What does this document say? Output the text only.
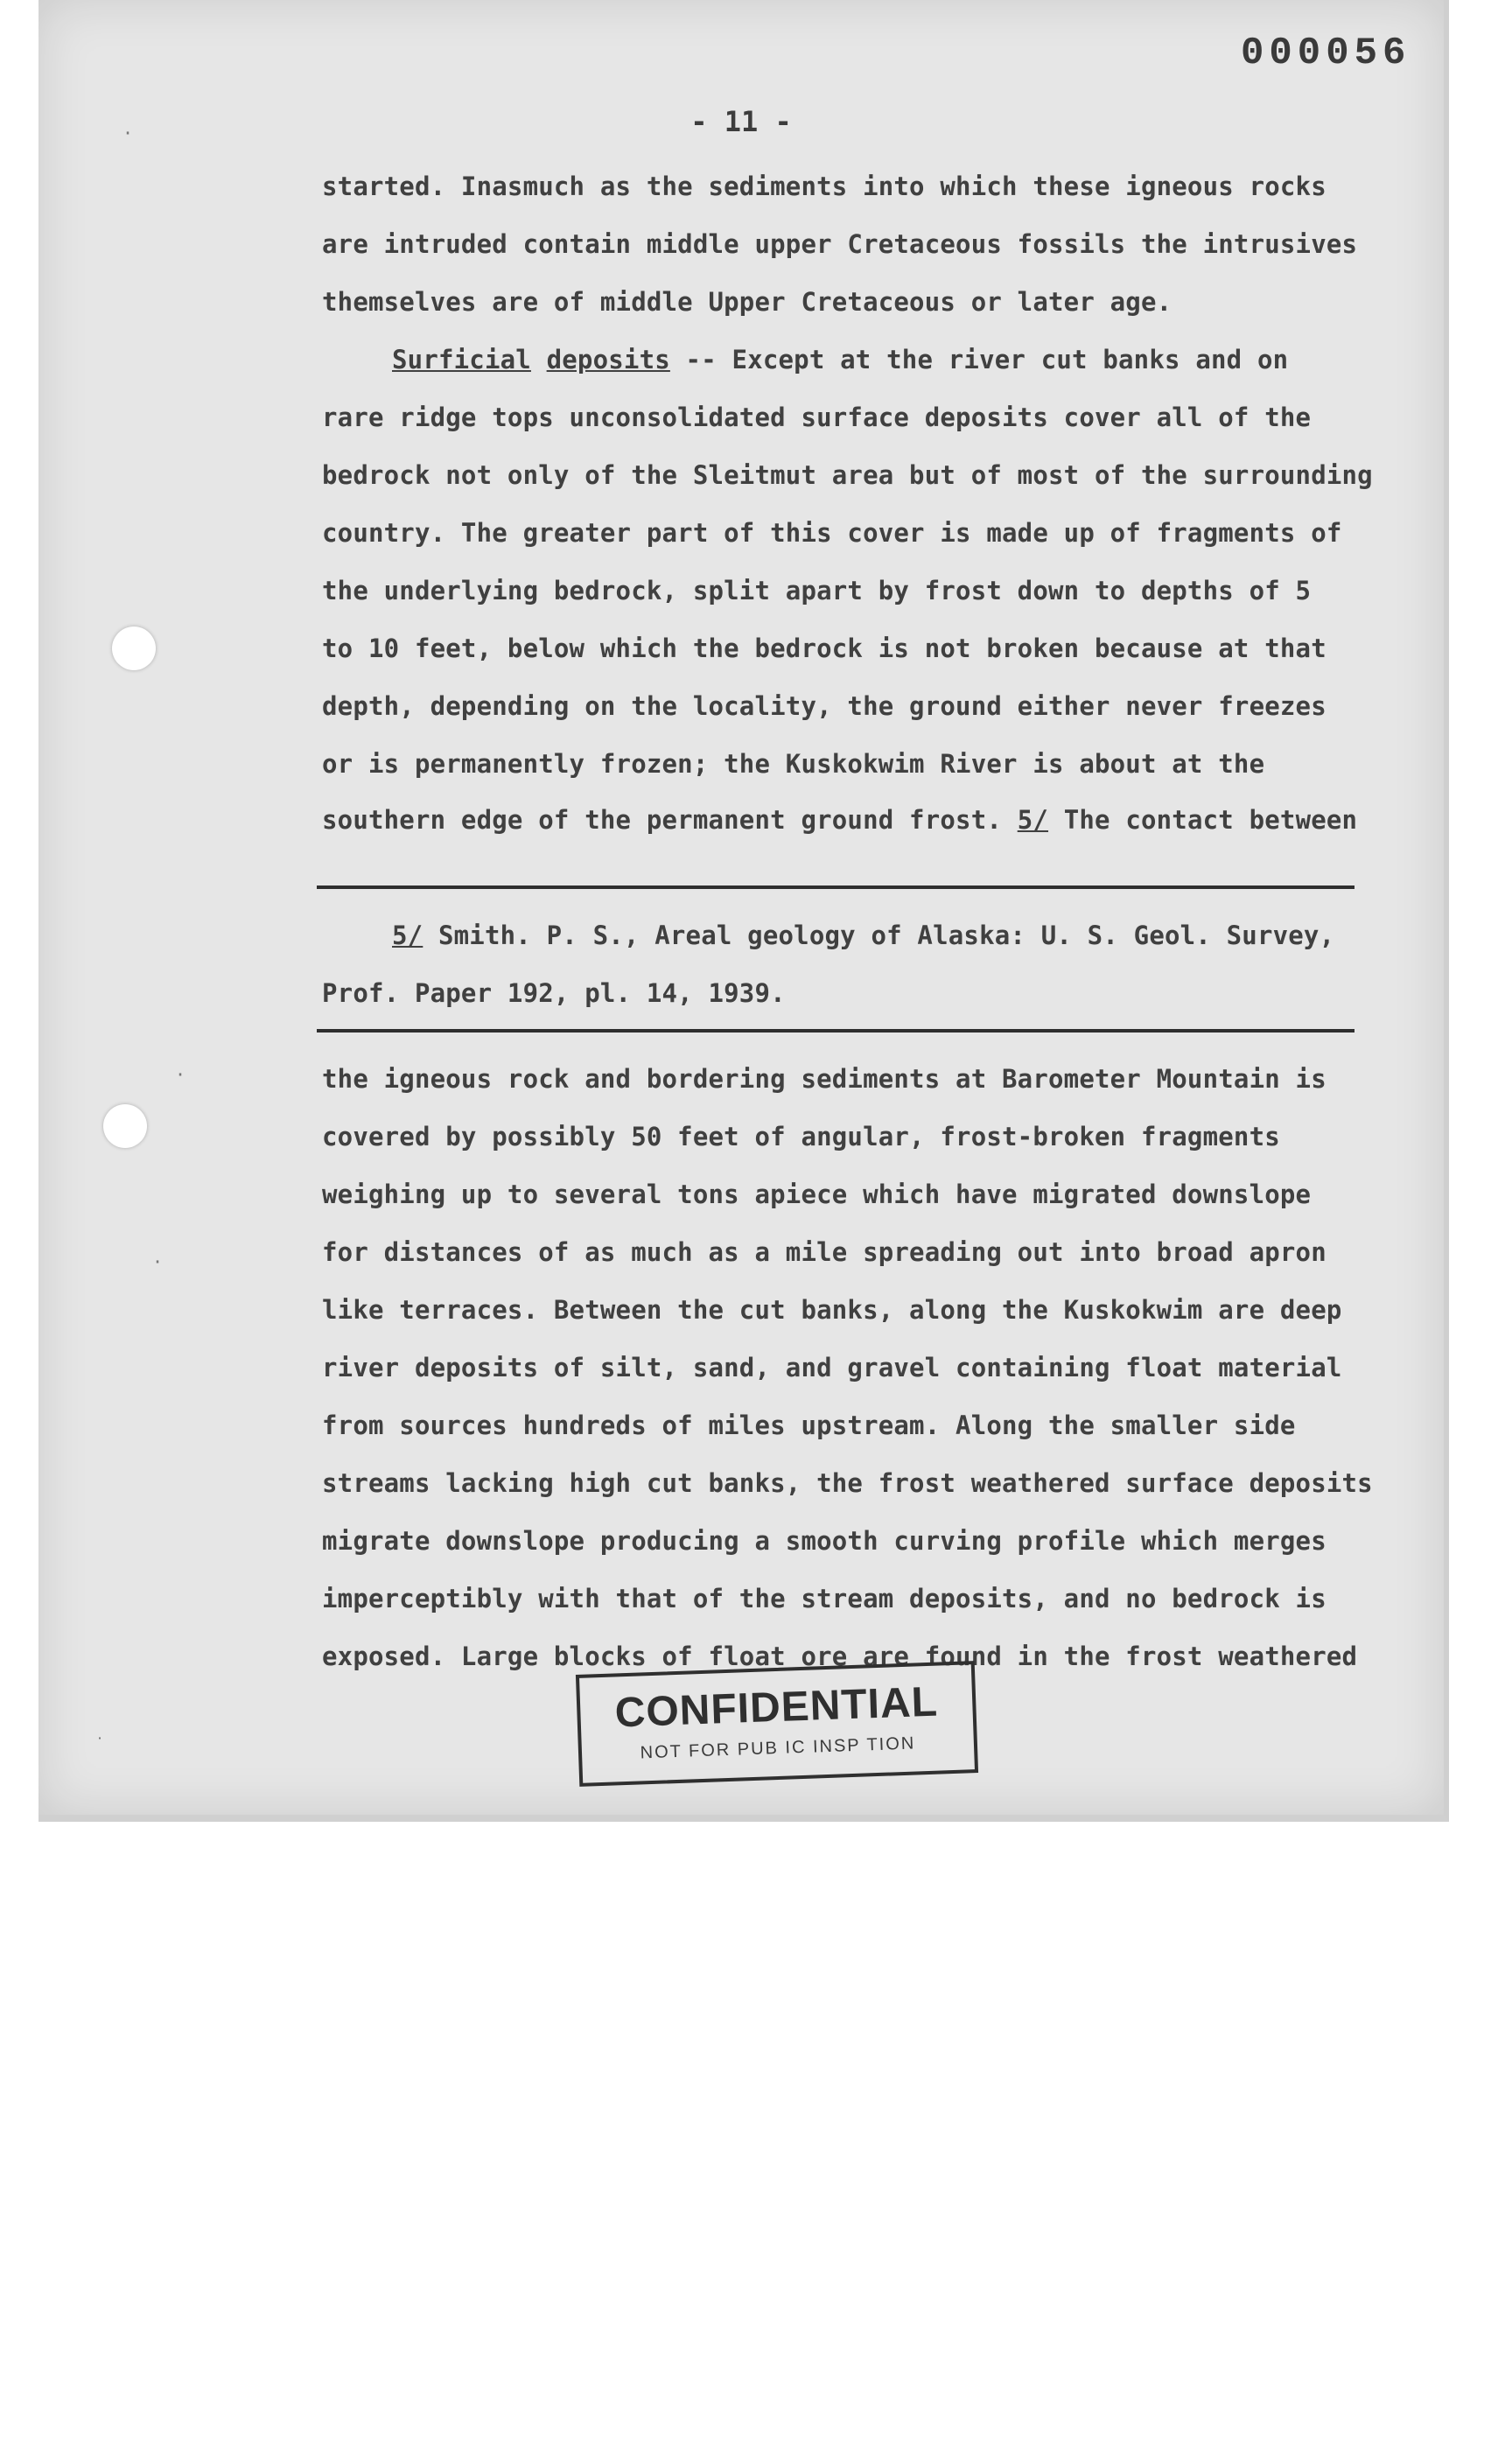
000056
- 11 -
·
·
·
˙
started. Inasmuch as the sediments into which these igneous rocks
are intruded contain middle upper Cretaceous fossils the intrusives
themselves are of middle Upper Cretaceous or later age.
Surficial deposits -- Except at the river cut banks and on
rare ridge tops unconsolidated surface deposits cover all of the
bedrock not only of the Sleitmut area but of most of the surrounding
country. The greater part of this cover is made up of fragments of
the underlying bedrock, split apart by frost down to depths of 5
to 10 feet, below which the bedrock is not broken because at that
depth, depending on the locality, the ground either never freezes
or is permanently frozen; the Kuskokwim River is about at the
southern edge of the permanent ground frost. 5/ The contact between
5/ Smith. P. S., Areal geology of Alaska: U. S. Geol. Survey,
Prof. Paper 192, pl. 14, 1939.
the igneous rock and bordering sediments at Barometer Mountain is
covered by possibly 50 feet of angular, frost-broken fragments
weighing up to several tons apiece which have migrated downslope
for distances of as much as a mile spreading out into broad apron
like terraces. Between the cut banks, along the Kuskokwim are deep
river deposits of silt, sand, and gravel containing float material
from sources hundreds of miles upstream. Along the smaller side
streams lacking high cut banks, the frost weathered surface deposits
migrate downslope producing a smooth curving profile which merges
imperceptibly with that of the stream deposits, and no bedrock is
exposed. Large blocks of float ore are found in the frost weathered
CONFIDENTIAL
NOT FOR PUB IC INSP TION
